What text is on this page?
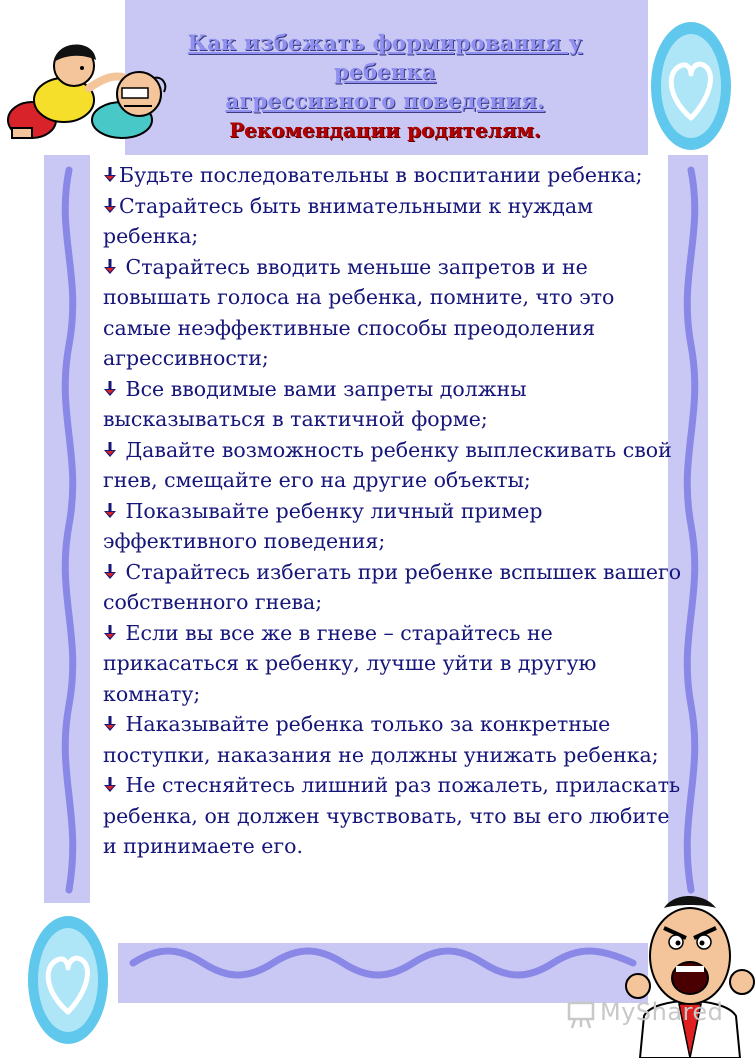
Как избежать формирования у
ребенка
агрессивного поведения.
Рекомендации родителям.

Будьте последовательны в воспитании ребенка;

Старайтесь быть внимательными к нуждам ребенка;

Старайтесь вводить меньше запретов и не повышать голоса на ребенка, помните, что это самые неэффективные способы преодоления агрессивности;

Все вводимые вами запреты должны высказываться в тактичной форме;

Давайте возможность ребенку выплескивать свой гнев, смещайте его на другие объекты;

Показывайте ребенку личный пример эффективного поведения;

Старайтесь избегать при ребенке вспышек вашего собственного гнева;

Если вы все же в гневе – старайтесь не прикасаться к ребенку, лучше уйти в другую комнату;

Наказывайте ребенка только за конкретные поступки, наказания не должны унижать ребенка;

Не стесняйтесь лишний раз пожалеть, приласкать ребенка, он должен чувствовать, что вы его любите и принимаете его.

MyShared
